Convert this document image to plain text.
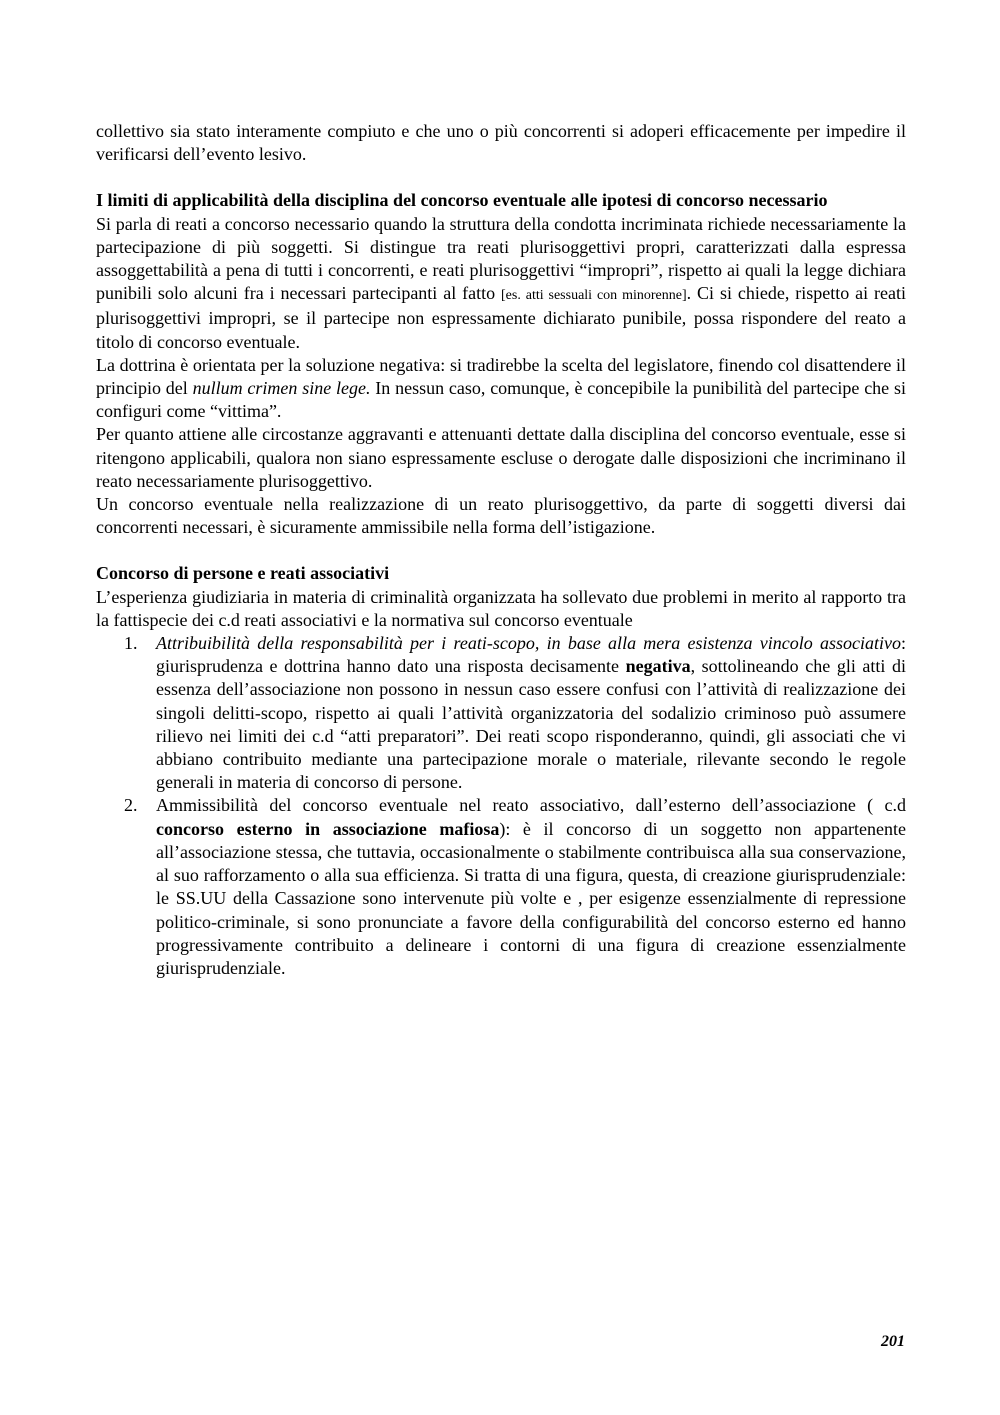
collettivo sia stato interamente compiuto e che uno o più concorrenti si adoperi efficacemente per impedire il verificarsi dell’evento lesivo.

I limiti di applicabilità della disciplina del concorso eventuale alle ipotesi di concorso necessario

Si parla di reati a concorso necessario quando la struttura della condotta incriminata richiede necessariamente la partecipazione di più soggetti. Si distingue tra reati plurisoggettivi propri, caratterizzati dalla espressa assoggettabilità a pena di tutti i concorrenti, e reati plurisoggettivi “impropri”, rispetto ai quali la legge dichiara punibili solo alcuni fra i necessari partecipanti al fatto [es. atti sessuali con minorenne]. Ci si chiede, rispetto ai reati plurisoggettivi impropri, se il partecipe non espressamente dichiarato punibile, possa rispondere del reato a titolo di concorso eventuale.

La dottrina è orientata per la soluzione negativa: si tradirebbe la scelta del legislatore, finendo col disattendere il principio del nullum crimen sine lege. In nessun caso, comunque, è concepibile la punibilità del partecipe che si configuri come “vittima”.

Per quanto attiene alle circostanze aggravanti e attenuanti dettate dalla disciplina del concorso eventuale, esse si ritengono applicabili, qualora non siano espressamente escluse o derogate dalle disposizioni che incriminano il reato necessariamente plurisoggettivo.

Un concorso eventuale nella realizzazione di un reato plurisoggettivo, da parte di soggetti diversi dai concorrenti necessari, è sicuramente ammissibile nella forma dell’istigazione.

Concorso di persone e reati associativi

L’esperienza giudiziaria in materia di criminalità organizzata ha sollevato due problemi in merito al rapporto tra la fattispecie dei c.d reati associativi e la normativa sul concorso eventuale

1. Attribuibilità della responsabilità per i reati-scopo, in base alla mera esistenza vincolo associativo: giurisprudenza e dottrina hanno dato una risposta decisamente negativa, sottolineando che gli atti di essenza dell’associazione non possono in nessun caso essere confusi con l’attività di realizzazione dei singoli delitti-scopo, rispetto ai quali l’attività organizzatoria del sodalizio criminoso può assumere rilievo nei limiti dei c.d “atti preparatori”. Dei reati scopo risponderanno, quindi, gli associati che vi abbiano contribuito mediante una partecipazione morale o materiale, rilevante secondo le regole generali in materia di concorso di persone.
2. Ammissibilità del concorso eventuale nel reato associativo, dall’esterno dell’associazione ( c.d concorso esterno in associazione mafiosa): è il concorso di un soggetto non appartenente all’associazione stessa, che tuttavia, occasionalmente o stabilmente contribuisca alla sua conservazione, al suo rafforzamento o alla sua efficienza. Si tratta di una figura, questa, di creazione giurisprudenziale: le SS.UU della Cassazione sono intervenute più volte e , per esigenze essenzialmente di repressione politico-criminale, si sono pronunciate a favore della configurabilità del concorso esterno ed hanno progressivamente contribuito a delineare i contorni di una figura di creazione essenzialmente giurisprudenziale.
201
